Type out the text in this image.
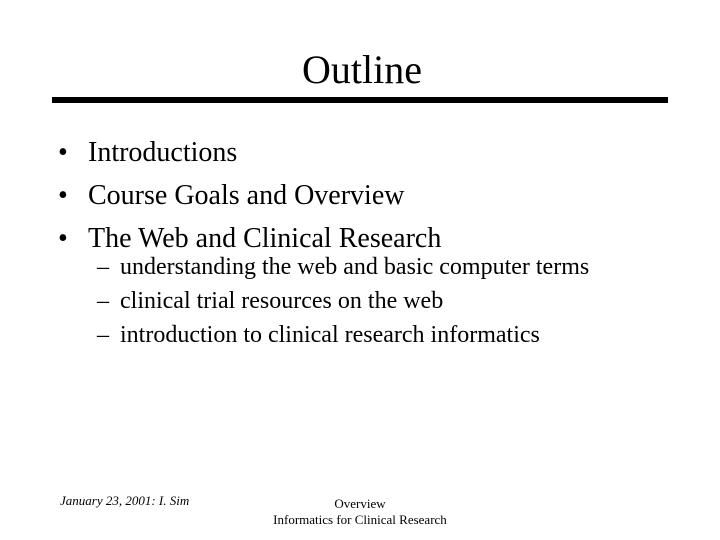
Outline
• Introductions
• Course Goals and Overview
• The Web and Clinical Research
– understanding the web and basic computer terms
– clinical trial resources on the web
– introduction to clinical research informatics
January 23, 2001: I. Sim	Overview
Informatics for Clinical Research
